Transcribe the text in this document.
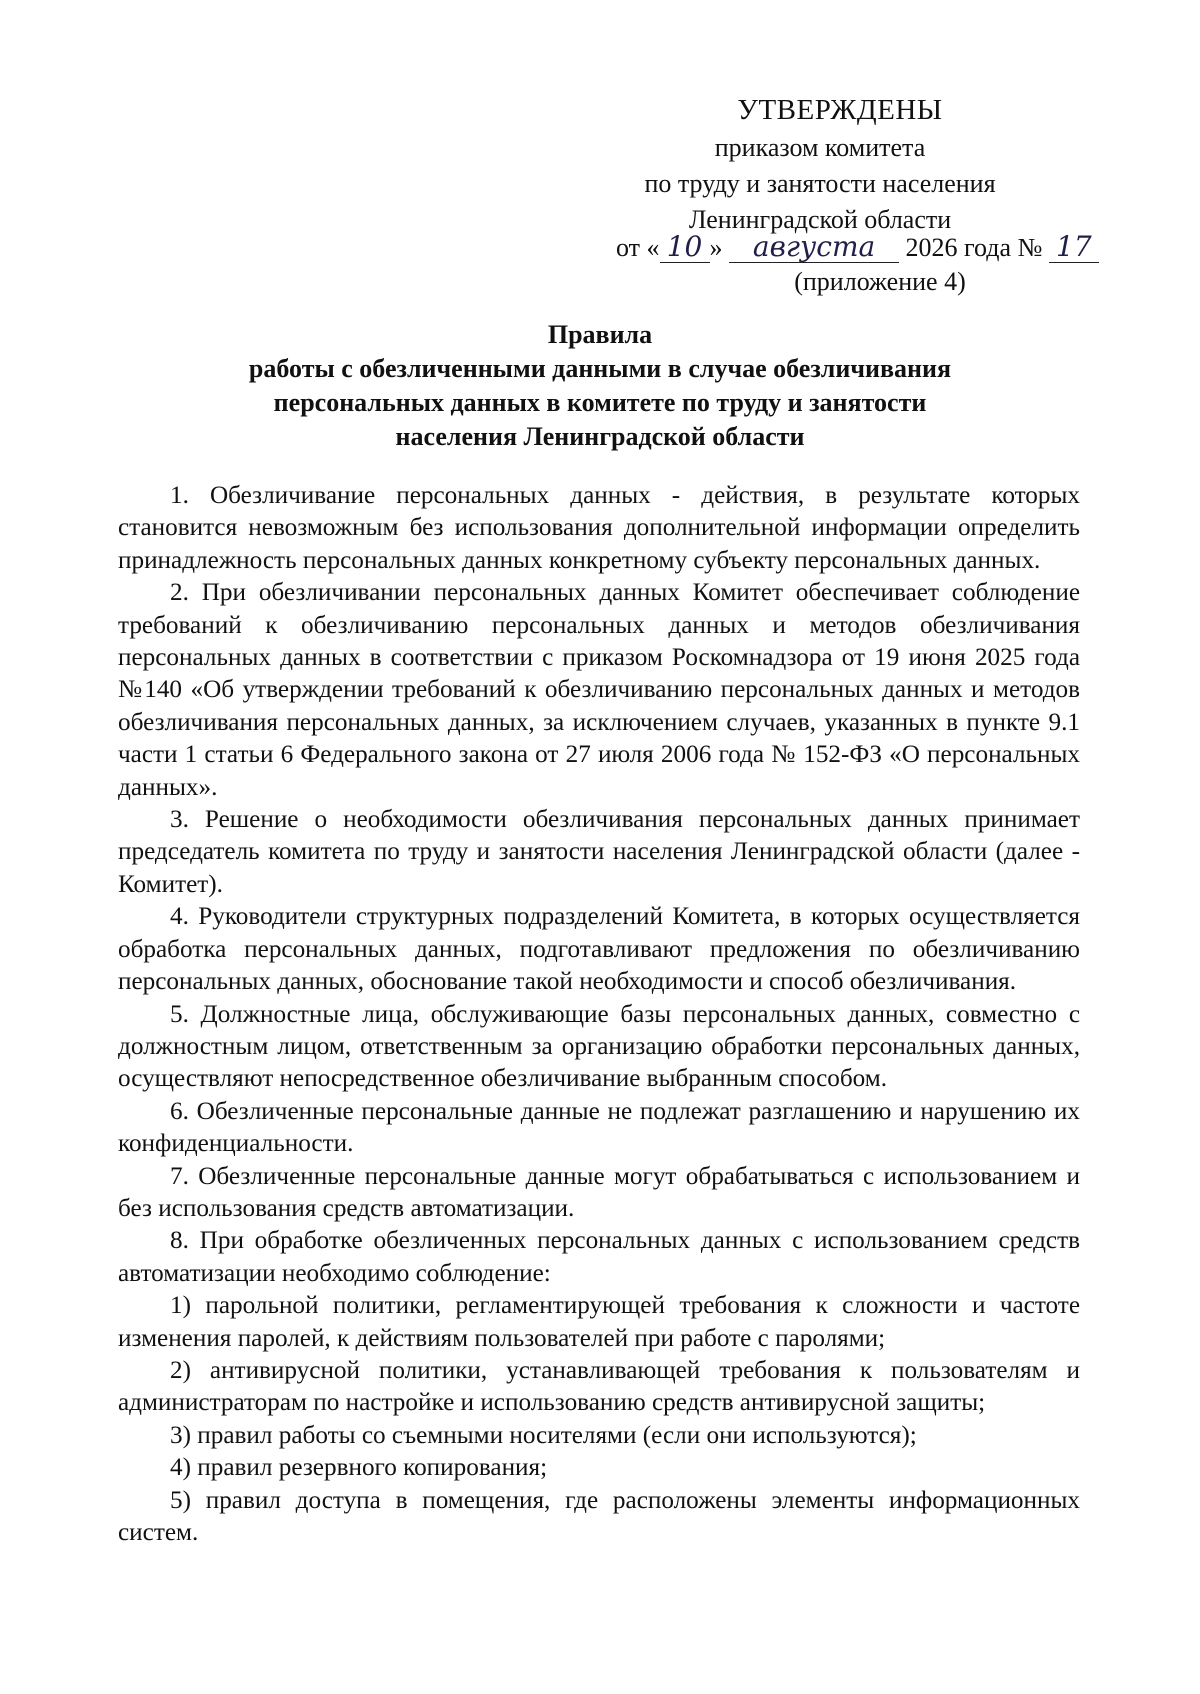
УТВЕРЖДЕНЫ
приказом комитета
по труду и занятости населения
Ленинградской области
от « 10 » августа 2026 года № 17
(приложение 4)
Правила
работы с обезличенными данными в случае обезличивания
персональных данных в комитете по труду и занятости
населения Ленинградской области

1. Обезличивание персональных данных - действия, в результате которых становится невозможным без использования дополнительной информации определить принадлежность персональных данных конкретному субъекту персональных данных.

2. При обезличивании персональных данных Комитет обеспечивает соблюдение требований к обезличиванию персональных данных и методов обезличивания персональных данных в соответствии с приказом Роскомнадзора от 19 июня 2025 года №140 «Об утверждении требований к обезличиванию персональных данных и методов обезличивания персональных данных, за исключением случаев, указанных в пункте 9.1 части 1 статьи 6 Федерального закона от 27 июля 2006 года № 152-ФЗ «О персональных данных».

3. Решение о необходимости обезличивания персональных данных принимает председатель комитета по труду и занятости населения Ленинградской области (далее - Комитет).

4. Руководители структурных подразделений Комитета, в которых осуществляется обработка персональных данных, подготавливают предложения по обезличиванию персональных данных, обоснование такой необходимости и способ обезличивания.

5. Должностные лица, обслуживающие базы персональных данных, совместно с должностным лицом, ответственным за организацию обработки персональных данных, осуществляют непосредственное обезличивание выбранным способом.

6. Обезличенные персональные данные не подлежат разглашению и нарушению их конфиденциальности.

7. Обезличенные персональные данные могут обрабатываться с использованием и без использования средств автоматизации.

8. При обработке обезличенных персональных данных с использованием средств автоматизации необходимо соблюдение:

1) парольной политики, регламентирующей требования к сложности и частоте изменения паролей, к действиям пользователей при работе с паролями;

2) антивирусной политики, устанавливающей требования к пользователям и администраторам по настройке и использованию средств антивирусной защиты;

3) правил работы со съемными носителями (если они используются);

4) правил резервного копирования;

5) правил доступа в помещения, где расположены элементы информационных систем.
